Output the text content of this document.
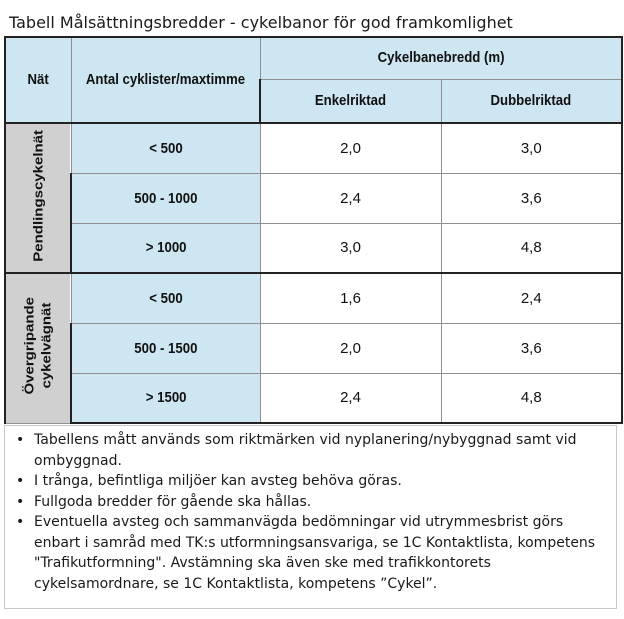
Tabell Målsättningsbredder - cykelbanor för god framkomlighet
Nät	Antal cyklister/maxtimme	Cykelbanebredd (m)	
		Enkelriktad	Dubbelriktad
Pendlingscykelnät	< 500	2,0	3,0
	500 - 1000	2,4	3,6
	> 1000	3,0	4,8
Övergripande cykelvägnät	< 500	1,6	2,4
	500 - 1500	2,0	3,6
	> 1500	2,4	4,8
• Tabellens mått används som riktmärken vid nyplanering/nybyggnad samt vid ombyggnad.
• I trånga, befintliga miljöer kan avsteg behöva göras.
• Fullgoda bredder för gående ska hållas.
• Eventuella avsteg och sammanvägda bedömningar vid utrymmesbrist görs enbart i samråd med TK:s utformningsansvariga, se 1C Kontaktlista, kompetens "Trafikutformning". Avstämning ska även ske med trafikkontorets cykelsamordnare, se 1C Kontaktlista, kompetens ”Cykel”.
